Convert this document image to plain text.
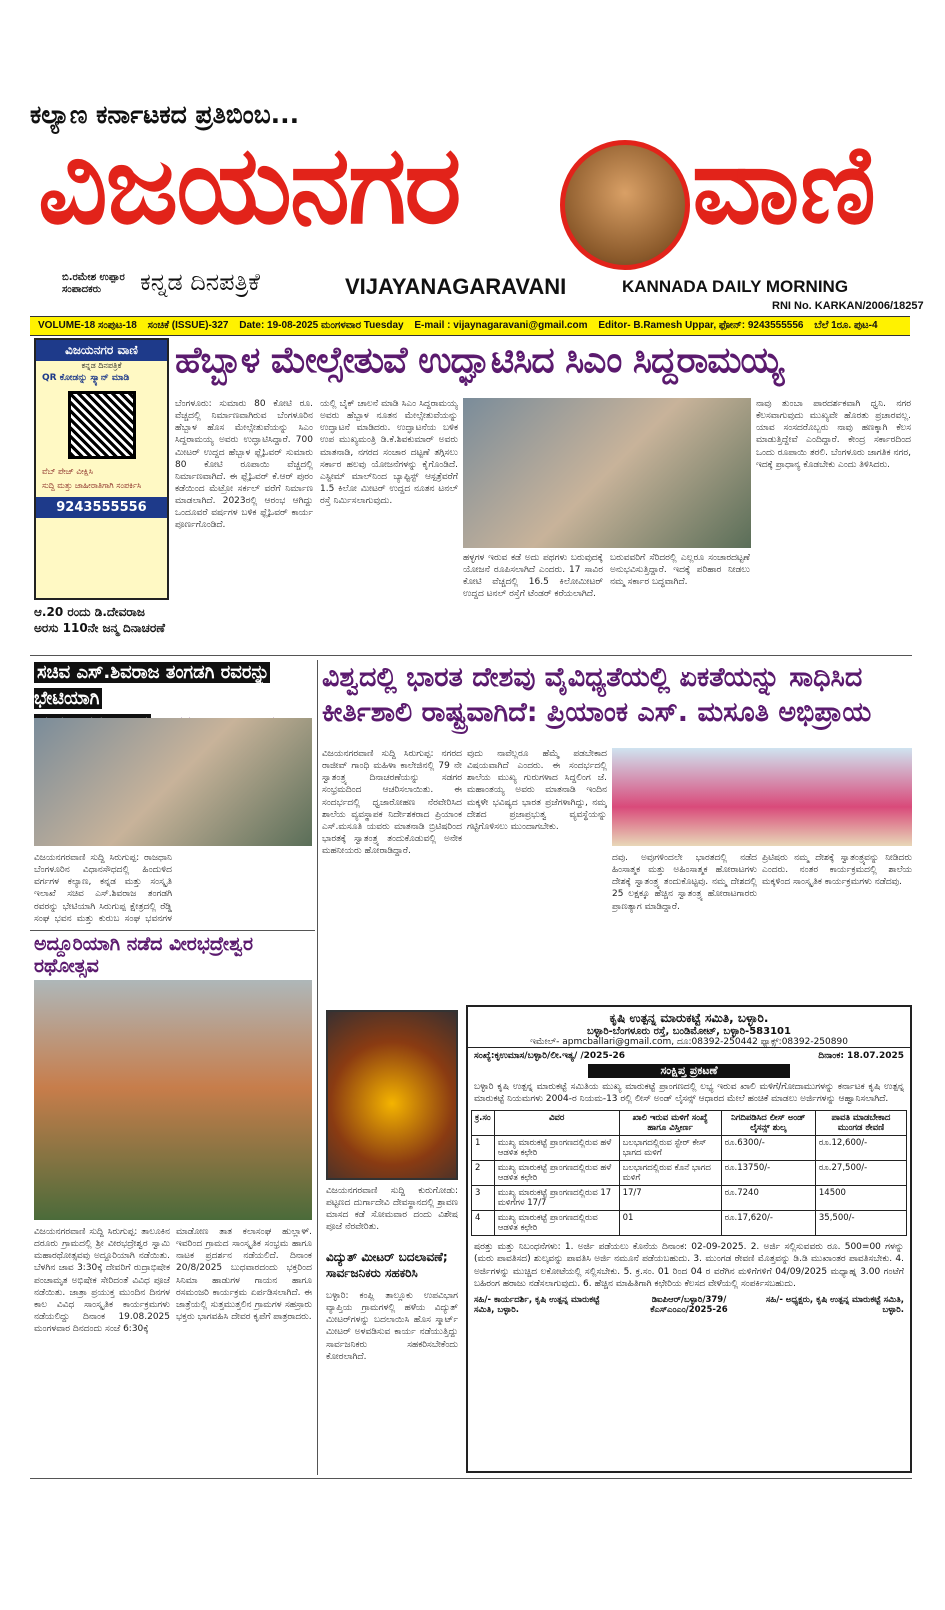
ಕಲ್ಯಾಣ ಕರ್ನಾಟಕದ ಪ್ರತಿಬಿಂಬ...
ವಿಜಯನಗರ ವಾಣಿ
ಬಿ.ರಮೇಶ ಉಪ್ಪಾರ ಸಂಪಾದಕರು	ಕನ್ನಡ ದಿನಪತ್ರಿಕೆ	VIJAYANAGARAVANI	KANNADA DAILY MORNING
RNI No. KARKAN/2006/18257
VOLUME-18 ಸಂಪುಟ-18 ಸಂಚಿಕೆ (ISSUE)-327 Date: 19-08-2025 ಮಂಗಳವಾರ Tuesday E-mail : vijaynagaravani@gmail.com Editor- B.Ramesh Uppar, ಫೋನ್: 9243555556 ಬೆಲೆ 1ರೂ. ಪುಟ-4
ವಿಜಯನಗರ ವಾಣಿ
ಕನ್ನಡ ದಿನಪತ್ರಿಕೆ
QR ಕೋಡನ್ನು ಸ್ಕ್ಯಾನ್ ಮಾಡಿ
ವೆಬ್ ಪೇಜ್ ವೀಕ್ಷಿಸಿ
ಸುದ್ದಿ ಮತ್ತು ಜಾಹೀರಾತಿಗಾಗಿ ಸಂಪರ್ಕಿಸಿ
9243555556
ಆ.20 ರಂದು ಡಿ.ದೇವರಾಜ ಅರಸು 110ನೇ ಜನ್ಮ ದಿನಾಚರಣೆ
ಹೆಬ್ಬಾಳ ಮೇಲ್ಸೇತುವೆ ಉದ್ಘಾಟಿಸಿದ ಸಿಎಂ ಸಿದ್ದರಾಮಯ್ಯ
ಬೆಂಗಳೂರು: ಸುಮಾರು 80 ಕೋಟಿ ರೂ. ವೆಚ್ಚದಲ್ಲಿ ನಿರ್ಮಾಣವಾಗಿರುವ ಬೆಂಗಳೂರಿನ ಹೆಬ್ಬಾಳ ಹೊಸ ಮೇಲ್ಸೇತುವೆಯನ್ನು ಸಿಎಂ ಸಿದ್ದರಾಮಯ್ಯ ಅವರು ಉದ್ಘಾಟಿಸಿದ್ದಾರೆ. 700 ಮೀಟರ್ ಉದ್ದದ ಹೆಬ್ಬಾಳ ಫ್ಲೈಓವರ್ ಸುಮಾರು 80 ಕೋಟಿ ರೂಪಾಯಿ ವೆಚ್ಚದಲ್ಲಿ ನಿರ್ಮಾಣವಾಗಿದೆ. ಈ ಫ್ಲೈಓವರ್ ಕೆ.ಆರ್ ಪುರಂ ಕಡೆಯಿಂದ ಮೆಟ್ರೋ ಸರ್ಕಲ್ ವರೆಗೆ ನಿರ್ಮಾಣ ಮಾಡಲಾಗಿದೆ. 2023ರಲ್ಲಿ ಆರಂಭ ಆಗಿದ್ದು ಒಂದೂವರೆ ವರ್ಷಗಳ ಬಳಿಕ ಫ್ಲೈಓವರ್ ಕಾರ್ಯ ಪೂರ್ಣಗೊಂಡಿದೆ.
ಯಲ್ಲಿ ಬೈಕ್ ಚಾಲನೆ ಮಾಡಿ ಸಿಎಂ ಸಿದ್ದರಾಮಯ್ಯ ಅವರು ಹೆಬ್ಬಾಳ ನೂತನ ಮೇಲ್ಸೇತುವೆಯನ್ನು ಉದ್ಘಾಟನೆ ಮಾಡಿದರು. ಉದ್ಘಾಟನೆಯ ಬಳಿಕ ಉಪ ಮುಖ್ಯಮಂತ್ರಿ ಡಿ.ಕೆ.ಶಿವಕುಮಾರ್ ಅವರು ಮಾತನಾಡಿ, ನಗರದ ಸಂಚಾರ ದಟ್ಟಣೆ ತಗ್ಗಿಸಲು ಸರ್ಕಾರ ಹಲವು ಯೋಜನೆಗಳನ್ನು ಕೈಗೊಂಡಿದೆ. ಎಸ್ಟೀಮ್ ಮಾಲ್‌ನಿಂದ ಬ್ಯಾಪ್ಟಿಸ್ಟ್ ಆಸ್ಪತ್ರೆವರೆಗೆ 1.5 ಕಿಲೋ ಮೀಟರ್ ಉದ್ದದ ನೂತನ ಟನಲ್ ರಸ್ತೆ ನಿರ್ಮಿಸಲಾಗುವುದು.
ಹಳ್ಳಗಳ ಇರುವ ಕಡೆ ಅದು ಪಥಗಳು ಬರುವುದಕ್ಕೆ ಯೋಜನೆ ರೂಪಿಸಲಾಗಿದೆ ಎಂದರು. 17 ಸಾವಿರ ಕೋಟಿ ವೆಚ್ಚದಲ್ಲಿ 16.5 ಕಿಲೋಮೀಟರ್ ಉದ್ದದ ಟನಲ್ ರಸ್ತೆಗೆ ಟೆಂಡರ್ ಕರೆಯಲಾಗಿದೆ.
ಬರುವವರಿಗೆ ಸೆರಿದರಲ್ಲಿ ಎಲ್ಲರೂ ಸಂಚಾರದಟ್ಟಣೆ ಅನುಭವಿಸುತ್ತಿದ್ದಾರೆ. ಇದಕ್ಕೆ ಪರಿಹಾರ ನೀಡಲು ನಮ್ಮ ಸರ್ಕಾರ ಬದ್ಧವಾಗಿದೆ.
ನಾವು ತುಂಬಾ ಪಾರದರ್ಶಕವಾಗಿ ಧ್ವನಿ. ನಗರ ಕೆಲಸವಾಗುವುದು ಮುಖ್ಯವೇ ಹೊರತು ಪ್ರಚಾರವಲ್ಲ. ಯಾವ ಸಂಸದರೊಬ್ಬರು ನಾವು ಹಣಕ್ಕಾಗಿ ಕೆಲಸ ಮಾಡುತ್ತಿದ್ದೇವೆ ಎಂದಿದ್ದಾರೆ. ಕೇಂದ್ರ ಸರ್ಕಾರದಿಂದ ಒಂದು ರೂಪಾಯಿ ತರಲಿ. ಬೆಂಗಳೂರು ಜಾಗತಿಕ ನಗರ, ಇದಕ್ಕೆ ಪ್ರಾಧಾನ್ಯ ಕೊಡಬೇಕು ಎಂದು ತಿಳಿಸಿದರು.
ಸಚಿವ ಎಸ್.ಶಿವರಾಜ ತಂಗಡಗಿ ರವರನ್ನು ಭೇಟಿಯಾಗಿ
ವಿಜಯನಗರವಾಣಿ ಸುದ್ದಿ ಸಿರುಗುಪ್ಪ: ರಾಜಧಾನಿ ಬೆಂಗಳೂರಿನ ವಿಧಾನಸೌಧದಲ್ಲಿ ಹಿಂದುಳಿದ ವರ್ಗಗಳ ಕಲ್ಯಾಣ, ಕನ್ನಡ ಮತ್ತು ಸಂಸ್ಕೃತಿ ಇಲಾಖೆ ಸಚಿವ ಎಸ್.ಶಿವರಾಜ ತಂಗಡಗಿ ರವರನ್ನು ಭೇಟಿಯಾಗಿ ಸಿರುಗುಪ್ಪ ಕ್ಷೇತ್ರದಲ್ಲಿ ರೆಡ್ಡಿ ಸಂಘ ಭವನ ಮತ್ತು ಕುರುಬ ಸಂಘ ಭವನಗಳ
ವಿಶ್ವದಲ್ಲಿ ಭಾರತ ದೇಶವು ವೈವಿಧ್ಯತೆಯಲ್ಲಿ ಏಕತೆಯನ್ನು ಸಾಧಿಸಿದ
ಕೀರ್ತಿಶಾಲಿ ರಾಷ್ಟ್ರವಾಗಿದೆ: ಪ್ರಿಯಾಂಕ ಎಸ್. ಮಸೂತಿ ಅಭಿಪ್ರಾಯ
ವಿಜಯನಗರವಾಣಿ ಸುದ್ದಿ ಸಿರುಗುಪ್ಪ: ನಗರದ ರಾಜೀವ್ ಗಾಂಧಿ ಮಹಿಳಾ ಕಾಲೇಜಿನಲ್ಲಿ 79 ನೇ ಸ್ವಾತಂತ್ರ್ಯ ದಿನಾಚರಣೆಯನ್ನು ಸಡಗರ ಸಂಭ್ರಮದಿಂದ ಆಚರಿಸಲಾಯಿತು. ಈ ಸಂದರ್ಭದಲ್ಲಿ ಧ್ವಜಾರೋಹಣ ನೆರವೇರಿಸಿದ ಶಾಲೆಯ ವ್ಯವಸ್ಥಾಪಕ ನಿರ್ದೇಶಕರಾದ ಪ್ರಿಯಾಂಕ ಎಸ್.ಮಸೂತಿ ಯವರು ಮಾತನಾಡಿ ಬ್ರಿಟಿಷರಿಂದ ಭಾರತಕ್ಕೆ ಸ್ವಾತಂತ್ರ್ಯ ತಂದುಕೊಡುವಲ್ಲಿ ಅನೇಕ ಮಹನೀಯರು ಹೋರಾಡಿದ್ದಾರೆ.
ವುದು ನಾವೆಲ್ಲರೂ ಹೆಮ್ಮೆ ಪಡಬೇಕಾದ ವಿಷಯವಾಗಿದೆ ಎಂದರು. ಈ ಸಂದರ್ಭದಲ್ಲಿ ಶಾಲೆಯ ಮುಖ್ಯ ಗುರುಗಳಾದ ಸಿದ್ದಲಿಂಗ ಜೆ. ಮಹಾಂತಯ್ಯ ಅವರು ಮಾತನಾಡಿ ಇಂದಿನ ಮಕ್ಕಳೇ ಭವಿಷ್ಯದ ಭಾರತ ಪ್ರಜೆಗಳಾಗಿದ್ದು, ನಮ್ಮ ದೇಶದ ಪ್ರಜಾಪ್ರಭುತ್ವ ವ್ಯವಸ್ಥೆಯನ್ನು ಗಟ್ಟಿಗೊಳಿಸಲು ಮುಂದಾಗಬೇಕು.
ದವು. ಅವುಗಳಿಂದಲೇ ಭಾರತದಲ್ಲಿ ನಡೆದ ಹಿಂಸಾತ್ಮಕ ಮತ್ತು ಅಹಿಂಸಾತ್ಮಕ ಹೋರಾಟಗಳು ದೇಶಕ್ಕೆ ಸ್ವಾತಂತ್ರ್ಯ ತಂದುಕೊಟ್ಟವು. ನಮ್ಮ ದೇಶದಲ್ಲಿ 25 ಲಕ್ಷಕ್ಕೂ ಹೆಚ್ಚಿನ ಸ್ವಾತಂತ್ರ್ಯ ಹೋರಾಟಗಾರರು ಪ್ರಾಣತ್ಯಾಗ ಮಾಡಿದ್ದಾರೆ.
ಪ್ರಿಟಿಷರು ನಮ್ಮ ದೇಶಕ್ಕೆ ಸ್ವಾತಂತ್ರ್ಯವನ್ನು ನೀಡಿದರು ಎಂದರು. ನಂತರ ಕಾರ್ಯಕ್ರಮದಲ್ಲಿ ಶಾಲೆಯ ಮಕ್ಕಳಿಂದ ಸಾಂಸ್ಕೃತಿಕ ಕಾರ್ಯಕ್ರಮಗಳು ನಡೆದವು.
ಅದ್ದೂರಿಯಾಗಿ ನಡೆದ ವೀರಭದ್ರೇಶ್ವರ ರಥೋತ್ಸವ
ವಿಜಯನಗರವಾಣಿ ಸುದ್ದಿ ಸಿರುಗುಪ್ಪ: ತಾಲೂಕಿನ ದರೂರು ಗ್ರಾಮದಲ್ಲಿ ಶ್ರೀ ವೀರಭದ್ರೇಶ್ವರ ಸ್ವಾಮಿ ಮಹಾರಥೋತ್ಸವವು ಅದ್ದೂರಿಯಾಗಿ ನಡೆಯಿತು. ಬೆಳಗಿನ ಜಾವ 3:30ಕ್ಕೆ ದೇವರಿಗೆ ರುದ್ರಾಭಿಷೇಕ ಪಂಚಾಮೃತ ಅಭಿಷೇಕ ಸೇರಿದಂತೆ ವಿವಿಧ ಪೂಜೆ ನಡೆಯಿತು. ಜಾತ್ರಾ ಪ್ರಯುಕ್ತ ಮುಂದಿನ ದಿನಗಳ ಕಾಲ ವಿವಿಧ ಸಾಂಸ್ಕೃತಿಕ ಕಾರ್ಯಕ್ರಮಗಳು ನಡೆಯಲಿದ್ದು ದಿನಾಂಕ 19.08.2025 ಮಂಗಳವಾರ ದಿನದಂದು ಸಂಜೆ 6:30ಕ್ಕೆ
ಮಾಡೋಣ ತಾತ ಕಲಾಸಂಘ ಹುಲ್ಲಾಳ್. ಇವರಿಂದ ಗ್ರಾಮದ ಸಾಂಸ್ಕೃತಿಕ ಸಂಭ್ರಮ ಹಾಗೂ ನಾಟಕ ಪ್ರದರ್ಶನ ನಡೆಯಲಿದೆ. ದಿನಾಂಕ 20/8/2025 ಬುಧವಾರದಂದು ಭಕ್ತರಿಂದ ಸಿನಿಮಾ ಹಾಡುಗಳ ಗಾಯನ ಹಾಗೂ ರಸಮಂಜರಿ ಕಾರ್ಯಕ್ರಮ ಏರ್ಪಡಿಸಲಾಗಿದೆ. ಈ ಜಾತ್ರೆಯಲ್ಲಿ ಸುತ್ತಮುತ್ತಲಿನ ಗ್ರಾಮಗಳ ಸಹಸ್ರಾರು ಭಕ್ತರು ಭಾಗವಹಿಸಿ ದೇವರ ಕೃಪೆಗೆ ಪಾತ್ರರಾದರು.
ವಿಜಯನಗರವಾಣಿ ಸುದ್ದಿ ಕುರುಗೋಡು: ಪಟ್ಟಣದ ದುರ್ಗಾದೇವಿ ದೇವಸ್ಥಾನದಲ್ಲಿ ಶ್ರಾವಣ ಮಾಸದ ಕಡೆ ಸೋಮವಾರ ದಂದು ವಿಶೇಷ ಪೂಜೆ ನೆರವೇರಿತು.
ವಿದ್ಯುತ್ ಮೀಟರ್ ಬದಲಾವಣೆ; ಸಾರ್ವಜನಿಕರು ಸಹಕರಿಸಿ
ಬಳ್ಳಾರಿ: ಕಂಪ್ಲಿ ತಾಲ್ಲೂಕು ಉಪವಿಭಾಗ ವ್ಯಾಪ್ತಿಯ ಗ್ರಾಮಗಳಲ್ಲಿ ಹಳೆಯ ವಿದ್ಯುತ್ ಮೀಟರ್‌ಗಳನ್ನು ಬದಲಾಯಿಸಿ ಹೊಸ ಸ್ಮಾರ್ಟ್ ಮೀಟರ್ ಅಳವಡಿಸುವ ಕಾರ್ಯ ನಡೆಯುತ್ತಿದ್ದು ಸಾರ್ವಜನಿಕರು ಸಹಕರಿಸಬೇಕೆಂದು ಕೋರಲಾಗಿದೆ.
ಕೃಷಿ ಉತ್ಪನ್ನ ಮಾರುಕಟ್ಟೆ ಸಮಿತಿ, ಬಳ್ಳಾರಿ.
ಬಳ್ಳಾರಿ-ಬೆಂಗಳೂರು ರಸ್ತೆ, ಬಂಡಿಮೋಟ್, ಬಳ್ಳಾರಿ-583101
ಇಮೇಲ್- apmcballari@gmail.com, ದೂ:08392-250442 ಫ್ಯಾಕ್ಸ್:08392-250890
ಸಂಖ್ಯೆ:ಕೃಉಮಾಸ/ಬಳ್ಳಾರಿ/ಲೀ.ಇತ್ಯ/ /2025-26	ದಿನಾಂಕ: 18.07.2025
ಸಂಕ್ಷಿಪ್ತ ಪ್ರಕಟಣೆ
ಬಳ್ಳಾರಿ ಕೃಷಿ ಉತ್ಪನ್ನ ಮಾರುಕಟ್ಟೆ ಸಮಿತಿಯ ಮುಖ್ಯ ಮಾರುಕಟ್ಟೆ ಪ್ರಾಂಗಣದಲ್ಲಿ ಲಭ್ಯ ಇರುವ ಖಾಲಿ ಮಳಿಗೆ/ಗೋದಾಮುಗಳನ್ನು ಕರ್ನಾಟಕ ಕೃಷಿ ಉತ್ಪನ್ನ ಮಾರುಕಟ್ಟೆ ನಿಯಮಗಳು 2004-ರ ನಿಯಮ-13 ರಲ್ಲಿ ಲೀಸ್ ಅಂಡ್ ಲೈಸನ್ಸ್ ಆಧಾರದ ಮೇಲೆ ಹಂಚಿಕೆ ಮಾಡಲು ಅರ್ಜಿಗಳನ್ನು ಆಹ್ವಾನಿಸಲಾಗಿದೆ.
ಕ್ರ.ಸಂ	ವಿವರ	ಖಾಲಿ ಇರುವ ಮಳಿಗೆ ಸಂಖ್ಯೆ ಹಾಗೂ ವಿಸ್ತೀರ್ಣ	ನಿಗದಿಪಡಿಸಿದ ಲೀಸ್ ಅಂಡ್ ಲೈಸನ್ಸ್ ಶುಲ್ಕ	ಪಾವತಿ ಮಾಡಬೇಕಾದ ಮುಂಗಡ ಠೇವಣಿ
1	ಮುಖ್ಯ ಮಾರುಕಟ್ಟೆ ಪ್ರಾಂಗಣದಲ್ಲಿರುವ ಹಳೆ ಆಡಳಿತ ಕಛೇರಿ	ಬಲಭಾಗದಲ್ಲಿರುವ ಸ್ಟೇರ್ ಕೇಸ್ ಭಾಗದ ಮಳಿಗೆ	ರೂ.6300/-	ರೂ.12,600/-
2	ಮುಖ್ಯ ಮಾರುಕಟ್ಟೆ ಪ್ರಾಂಗಣದಲ್ಲಿರುವ ಹಳೆ ಆಡಳಿತ ಕಛೇರಿ	ಬಲಭಾಗದಲ್ಲಿರುವ ಕೊನೆ ಭಾಗದ ಮಳಿಗೆ	ರೂ.13750/-	ರೂ.27,500/-
3	ಮುಖ್ಯ ಮಾರುಕಟ್ಟೆ ಪ್ರಾಂಗಣದಲ್ಲಿರುವ 17 ಮಳಿಗೆಗಳ 17/7	17/7	ರೂ.7240	14500
4	ಮುಖ್ಯ ಮಾರುಕಟ್ಟೆ ಪ್ರಾಂಗಣದಲ್ಲಿರುವ ಆಡಳಿತ ಕಛೇರಿ	01	ರೂ.17,620/-	35,500/-
ಷರತ್ತು ಮತ್ತು ನಿಬಂಧನೆಗಳು: 1. ಅರ್ಜಿ ಪಡೆಯಲು ಕೊನೆಯ ದಿನಾಂಕ: 02-09-2025. 2. ಅರ್ಜಿ ಸಲ್ಲಿಸುವವರು ರೂ. 500=00 ಗಳನ್ನು (ಮರು ಪಾವತಿಸದ) ಶುಲ್ಕವನ್ನು ಪಾವತಿಸಿ ಅರ್ಜಿ ನಮೂನೆ ಪಡೆಯಬಹುದು. 3. ಮುಂಗಡ ಠೇವಣಿ ಮೊತ್ತವನ್ನು ಡಿ.ಡಿ ಮುಖಾಂತರ ಪಾವತಿಸಬೇಕು. 4. ಅರ್ಜಿಗಳನ್ನು ಮುಚ್ಚಿದ ಲಕೋಟೆಯಲ್ಲಿ ಸಲ್ಲಿಸಬೇಕು. 5. ಕ್ರ.ಸಂ. 01 ರಿಂದ 04 ರ ವರೆಗಿನ ಮಳಿಗೆಗಳಿಗೆ 04/09/2025 ಮಧ್ಯಾಹ್ನ 3.00 ಗಂಟೆಗೆ ಬಹಿರಂಗ ಹರಾಜು ನಡೆಸಲಾಗುವುದು. 6. ಹೆಚ್ಚಿನ ಮಾಹಿತಿಗಾಗಿ ಕಛೇರಿಯ ಕೆಲಸದ ವೇಳೆಯಲ್ಲಿ ಸಂಪರ್ಕಿಸಬಹುದು.
ಸಹಿ/- ಕಾರ್ಯದರ್ಶಿ, ಕೃಷಿ ಉತ್ಪನ್ನ ಮಾರುಕಟ್ಟೆ ಸಮಿತಿ, ಬಳ್ಳಾರಿ.
ಡಿಐಪಿಆರ್/ಬಳ್ಳಾರಿ/379/ ಕೆಎಸ್‌ಎಂಎಂ/2025-26
ಸಹಿ/- ಅಧ್ಯಕ್ಷರು, ಕೃಷಿ ಉತ್ಪನ್ನ ಮಾರುಕಟ್ಟೆ ಸಮಿತಿ, ಬಳ್ಳಾರಿ.
